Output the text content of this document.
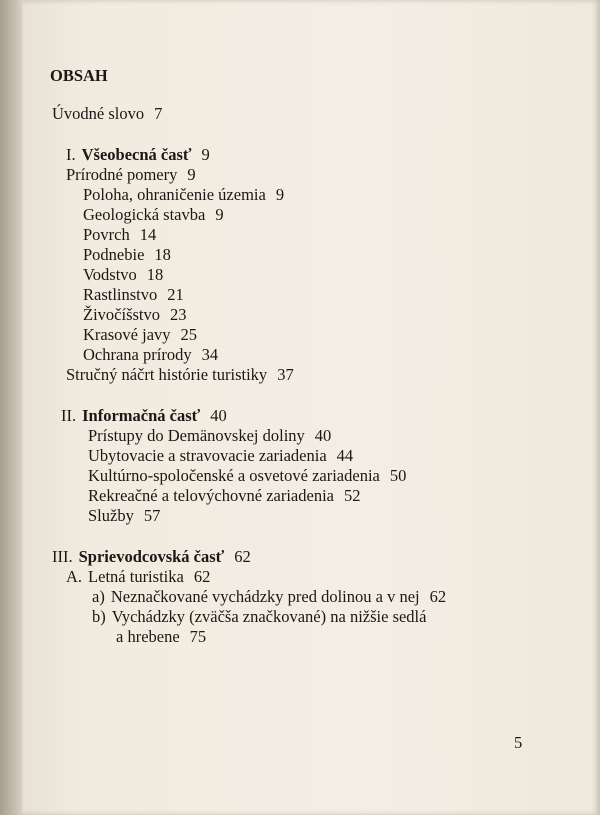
OBSAH
Úvodné slovo 7
I. Všeobecná časť 9
Prírodné pomery 9
Poloha, ohraničenie územia 9
Geologická stavba 9
Povrch 14
Podnebie 18
Vodstvo 18
Rastlinstvo 21
Živočíšstvo 23
Krasové javy 25
Ochrana prírody 34
Stručný náčrt histórie turistiky 37
II. Informačná časť 40
Prístupy do Demänovskej doliny 40
Ubytovacie a stravovacie zariadenia 44
Kultúrno-spoločenské a osvetové zariadenia 50
Rekreačné a telovýchovné zariadenia 52
Služby 57
III. Sprievodcovská časť 62
A. Letná turistika 62
a) Neznačkované vychádzky pred dolinou a v nej 62
b) Vychádzky (zväčša značkované) na nižšie sedlá
a hrebene 75
5
